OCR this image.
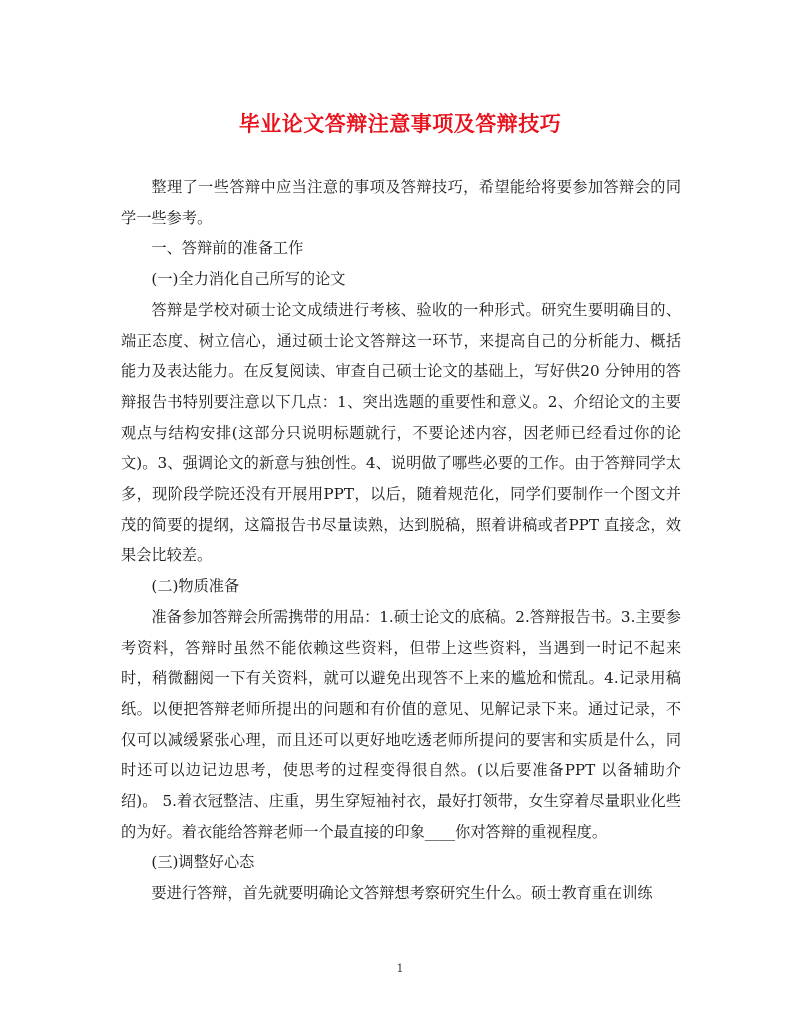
毕业论文答辩注意事项及答辩技巧

整理了一些答辩中应当注意的事项及答辩技巧，希望能给将要参加答辩会的同学一些参考。

一、答辩前的准备工作

(一)全力消化自己所写的论文

答辩是学校对硕士论文成绩进行考核、验收的一种形式。研究生要明确目的、端正态度、树立信心，通过硕士论文答辩这一环节，来提高自己的分析能力、概括能力及表达能力。在反复阅读、审查自己硕士论文的基础上，写好供20 分钟用的答辩报告书特别要注意以下几点：1、突出选题的重要性和意义。2、介绍论文的主要观点与结构安排(这部分只说明标题就行，不要论述内容，因老师已经看过你的论文)。3、强调论文的新意与独创性。4、说明做了哪些必要的工作。由于答辩同学太多，现阶段学院还没有开展用PPT，以后，随着规范化，同学们要制作一个图文并茂的简要的提纲，这篇报告书尽量读熟，达到脱稿，照着讲稿或者PPT 直接念，效果会比较差。

(二)物质准备

准备参加答辩会所需携带的用品：1.硕士论文的底稿。2.答辩报告书。3.主要参考资料，答辩时虽然不能依赖这些资料，但带上这些资料，当遇到一时记不起来时，稍微翻阅一下有关资料，就可以避免出现答不上来的尴尬和慌乱。4.记录用稿纸。以便把答辩老师所提出的问题和有价值的意见、见解记录下来。通过记录，不仅可以减缓紧张心理，而且还可以更好地吃透老师所提问的要害和实质是什么，同时还可以边记边思考，使思考的过程变得很自然。(以后要准备PPT 以备辅助介绍)。 5.着衣冠整洁、庄重，男生穿短袖衬衣，最好打领带，女生穿着尽量职业化些的为好。着衣能给答辩老师一个最直接的印象____你对答辩的重视程度。

(三)调整好心态

要进行答辩，首先就要明确论文答辩想考察研究生什么。硕士教育重在训练

1
